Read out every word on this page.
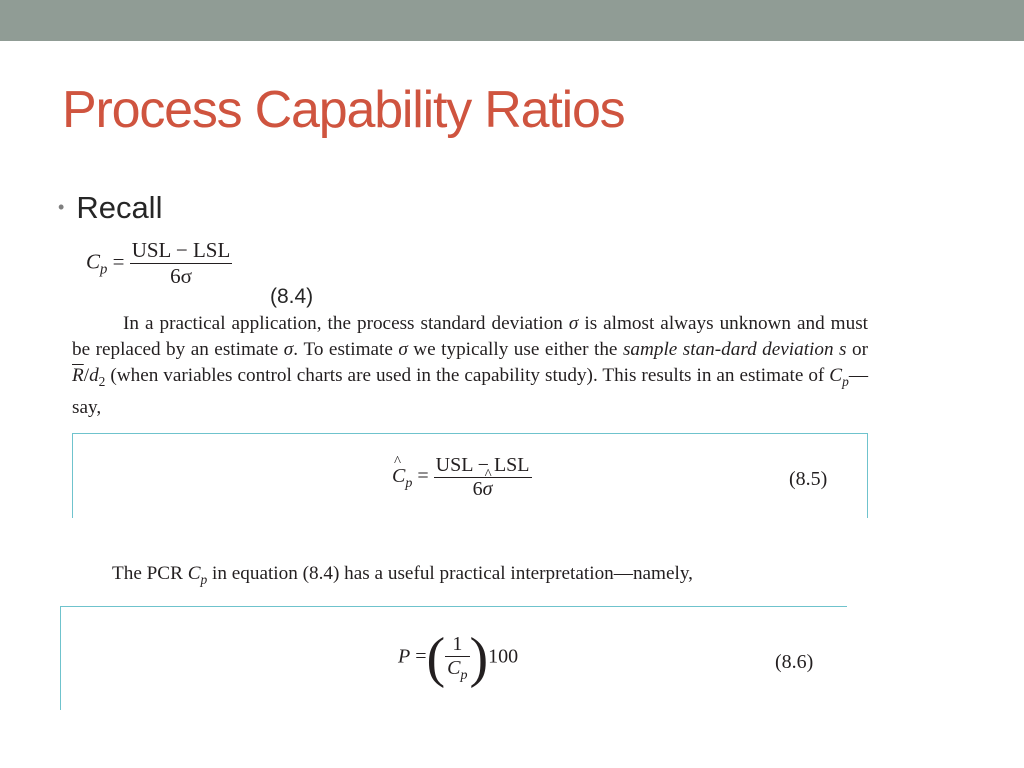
Process Capability Ratios
• Recall
$C_p = \frac{\text{USL − LSL}}{6\sigma}$
(8.4)
In a practical application, the process standard deviation σ is almost always unknown and must be replaced by an estimate σ. To estimate σ we typically use either the sample stan-dard deviation s or $\overline{R}/d_2$ (when variables control charts are used in the capability study). This results in an estimate of $C_p—say$,
^ $C_p = \frac{\text{USL − LSL}}{6\^{} \sigma}$	(8.5)
The PCR $C_p$ in equation (8.4) has a useful practical interpretation—namely,
P =( $\frac{1}{C_p} )100$	(8.6)
